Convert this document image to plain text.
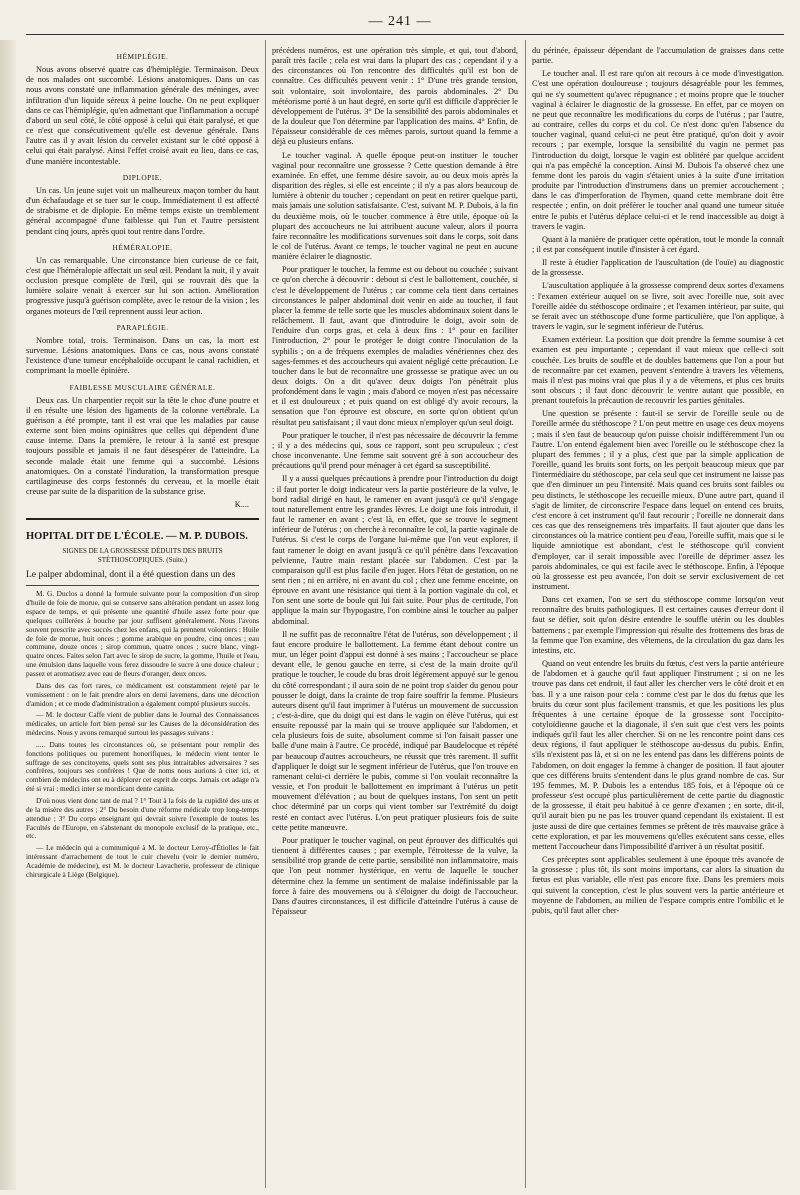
— 241 —
HÉMIPLÉGIE.

Nous avons observé quatre cas d'hémiplégie. Terminaison. Deux de nos malades ont succombé. Lésions anatomiques. Dans un cas nous avons constaté une inflammation générale des méninges, avec infiltration d'un liquide séreux à peine louche. On ne peut expliquer dans ce cas l'hémiplégie, qu'en admettant que l'inflammation a occupé d'abord un seul côté, le côté opposé à celui qui était paralysé, et que ce n'est que consécutivement qu'elle est devenue générale. Dans l'autre cas il y avait lésion du cervelet existant sur le côté opposé à celui qui était paralysé. Ainsi l'effet croisé avait eu lieu, dans ce cas, d'une manière incontestable.

DIPLOPIE.

Un cas. Un jeune sujet voit un malheureux maçon tomber du haut d'un échafaudage et se tuer sur le coup. Immédiatement il est affecté de strabisme et de diplopie. En même temps existe un tremblement général accompagné d'une faiblesse qui l'un et l'autre persistent pendant cinq jours, après quoi tout rentre dans l'ordre.

HÉMÉRALOPIE.

Un cas remarquable. Une circonstance bien curieuse de ce fait, c'est que l'héméralopie affectait un seul œil. Pendant la nuit, il y avait occlusion presque complète de l'œil, qui se rouvrait dès que la lumière solaire venait à exercer sur lui son action. Amélioration progressive jusqu'à guérison complète, avec le retour de la vision ; les organes moteurs de l'œil reprennent aussi leur action.

PARAPLÉGIE.

Nombre total, trois. Terminaison. Dans un cas, la mort est survenue. Lésions anatomiques. Dans ce cas, nous avons constaté l'existence d'une tumeur encéphaloïde occupant le canal rachidien, et comprimant la moelle épinière.

FAIBLESSE MUSCULAIRE GÉNÉRALE.

Deux cas. Un charpentier reçoit sur la tête le choc d'une poutre et il en résulte une lésion des ligaments de la colonne vertébrale. La guérison a été prompte, tant il est vrai que les maladies par cause externe sont bien moins opiniâtres que celles qui dépendent d'une cause interne. Dans la première, le retour à la santé est presque toujours possible et jamais il ne faut désespérer de l'atteindre. La seconde malade était une femme qui a succombé. Lésions anatomiques. On a constaté l'induration, la transformation presque cartilagineuse des corps festonnés du cerveau, et la moelle était creuse par suite de la disparition de la substance grise.

K....
HOPITAL DIT DE L'ÉCOLE. — M. P. DUBOIS.
SIGNES DE LA GROSSESSE DÉDUITS DES BRUITS STÉTHOSCOPIQUES. (Suite.)
Le palper abdominal, dont il a été question dans un des

M. G. Duclos a donné la formule suivante pour la composition d'un sirop d'huile de foie de morue, qui se conserve sans altération pendant un assez long espace de temps, et qui présente une quantité d'huile assez forte pour que quelques cuillerées à bouche par jour suffisent généralement. Nous l'avons souvent prescrite avec succès chez les enfans, qui la prennent volontiers : Huile de foie de morue, huit onces ; gomme arabique en poudre, cinq onces ; eau commune, douze onces ; sirop commun, quatre onces ; sucre blanc, vingt-quatre onces. Faites selon l'art avec le sirop de sucre, la gomme, l'huile et l'eau, une émulsion dans laquelle vous ferez dissoudre le sucre à une douce chaleur ; passez et aromatisez avec eau de fleurs d'oranger, deux onces.

Dans des cas fort rares, ce médicament est constamment rejeté par le vomissement : on le fait prendre alors en demi lavemens, dans une décoction d'amidon ; et ce mode d'administration a également compté plusieurs succès.

— M. le docteur Caffe vient de publier dans le Journal des Connaissances médicales, un article fort bien pensé sur les Causes de la déconsidération des médecins. Nous y avons remarqué surtout les passages suivans :

..... Dans toutes les circonstances où, se présentant pour remplir des fonctions politiques ou purement honorifiques, le médecin vient tenter le suffrage de ses concitoyens, quels sont ses plus intraitables adversaires ? ses confrères, toujours ses confrères ! Que de noms nous aurions à citer ici, et combien de médecins ont eu à déplorer cet esprit de corps. Jamais cet adage n'a été si vrai : medici inter se mordicant dente canina.

D'où nous vient donc tant de mal ? 1° Tout à la fois de la cupidité des uns et de la misère des autres ; 2° Du besoin d'une réforme médicale trop long-temps attendue ; 3° Du corps enseignant qui devrait suivre l'exemple de toutes les Facultés de l'Europe, en s'abstenant du monopole exclusif de la pratique, etc., etc.

— Le médecin qui a communiqué à M. le docteur Leroy-d'Étiolles le fait intéressant d'arrachement de tout le cuir chevelu (voir le dernier numéro, Académie de médecine), est M. le docteur Lavacherie, professeur de clinique chirurgicale à Liège (Belgique).

précédens numéros, est une opération très simple, et qui, tout d'abord, paraît très facile ; cela est vrai dans la plupart des cas ; cependant il y a des circonstances où l'on rencontre des difficultés qu'il est bon de connaître. Ces difficultés peuvent venir : 1° D'une très grande tension, soit volontaire, soit involontaire, des parois abdominales. 2° Du météorisme porté à un haut degré, en sorte qu'il est difficile d'apprécier le développement de l'utérus. 3° De la sensibilité des parois abdominales et de la douleur que l'on détermine par l'application des mains. 4° Enfin, de l'épaisseur considérable de ces mêmes parois, surtout quand la femme a déjà eu plusieurs enfans.

Le toucher vaginal. A quelle époque peut-on instituer le toucher vaginal pour reconnaître une grossesse ? Cette question demande à être examinée. En effet, une femme désire savoir, au ou deux mois après la disparition des règles, si elle est enceinte ; il n'y a pas alors beaucoup de lumière à obtenir du toucher ; cependant on peut en retirer quelque parti, mais jamais une solution satisfaisante. C'est, suivant M. P. Dubois, à la fin du deuxième mois, où le toucher commence à être utile, époque où la plupart des accoucheurs ne lui attribuent aucune valeur, alors il pourra faire reconnaître les modifications survenues soit dans le corps, soit dans le col de l'utérus. Avant ce temps, le toucher vaginal ne peut en aucune manière éclairer le diagnostic.

Pour pratiquer le toucher, la femme est ou debout ou couchée ; suivant ce qu'on cherche à découvrir : debout si c'est le ballottement, couchée, si c'est le développement de l'utérus ; car comme cela tient dans certaines circonstances le palper abdominal doit venir en aide au toucher, il faut placer la femme de telle sorte que les muscles abdominaux soient dans le relâchement. Il faut, avant que d'introduire le doigt, avoir soin de l'enduire d'un corps gras, et cela à deux fins : 1° pour en faciliter l'introduction, 2° pour le protéger le doigt contre l'inoculation de la syphilis ; on a de fréquens exemples de maladies vénériennes chez des sages-femmes et des accoucheurs qui avaient négligé cette précaution. Le toucher dans le but de reconnaître une grossesse se pratique avec un ou deux doigts. On a dit qu'avec deux doigts l'on pénétrait plus profondément dans le vagin ; mais d'abord ce moyen n'est pas nécessaire et il est douloureux ; et puis quand on est obligé d'y avoir recours, la sensation que l'on éprouve est obscure, en sorte qu'on obtient qu'un résultat peu satisfaisant ; il vaut donc mieux n'employer qu'un seul doigt.

Pour pratiquer le toucher, il n'est pas nécessaire de découvrir la femme ; il y a des médecins qui, sous ce rapport, sont peu scrupuleux ; c'est chose inconvenante. Une femme sait souvent gré à son accoucheur des précautions qu'il prend pour ménager à cet égard sa susceptibilité.

Il y a aussi quelques précautions à prendre pour l'introduction du doigt : il faut porter le doigt indicateur vers la partie postérieure de la vulve, le bord radial dirigé en haut, le ramener en avant jusqu'à ce qu'il s'engage tout naturellement entre les grandes lèvres. Le doigt une fois introduit, il faut le ramener en avant ; c'est là, en effet, que se trouve le segment inférieur de l'utérus ; on cherche à reconnaître le col, la partie vaginale de l'utérus. Si c'est le corps de l'organe lui-même que l'on veut explorer, il faut ramener le doigt en avant jusqu'à ce qu'il pénètre dans l'excavation pelvienne, l'autre main restant placée sur l'abdomen. C'est par la comparaison qu'il est plus facile d'en juger. Hors l'état de gestation, on ne sent rien ; ni en arrière, ni en avant du col ; chez une femme enceinte, on éprouve en avant une résistance qui tient à la portion vaginale du col, et l'on sent une sorte de boule qui lui fait suite. Pour plus de certitude, l'on applique la main sur l'hypogastre, l'on combine ainsi le toucher au palper abdominal.

Il ne suffit pas de reconnaître l'état de l'utérus, son développement ; il faut encore produire le ballottement. La femme étant debout contre un mur, un léger point d'appui est donné à ses mains ; l'accoucheur se place devant elle, le genou gauche en terre, si c'est de la main droite qu'il pratique le toucher, le coude du bras droit légèrement appuyé sur le genou du côté correspondant ; il aura soin de ne point trop s'aider du genou pour pousser le doigt, dans la crainte de trop faire souffrir la femme. Plusieurs auteurs disent qu'il faut imprimer à l'utérus un mouvement de succussion ; c'est-à-dire, que du doigt qui est dans le vagin on élève l'utérus, qui est ensuite repoussé par la main qui se trouve appliquée sur l'abdomen, et cela plusieurs fois de suite, absolument comme si l'on faisait passer une balle d'une main à l'autre. Ce procédé, indiqué par Baudelocque et répété par beaucoup d'autres accoucheurs, ne réussit que très rarement. Il suffit d'appliquer le doigt sur le segment inférieur de l'utérus, que l'on trouve en ramenant celui-ci derrière le pubis, comme si l'on voulait reconnaître la vessie, et l'on produit le ballottement en imprimant à l'utérus un petit mouvement d'élévation ; au bout de quelques instans, l'on sent un petit choc déterminé par un corps qui vient tomber sur l'extrémité du doigt resté en contact avec l'utérus. L'on peut pratiquer plusieurs fois de suite cette petite manœuvre.

Pour pratiquer le toucher vaginal, on peut éprouver des difficultés qui tiennent à différentes causes ; par exemple, l'étroitesse de la vulve, la sensibilité trop grande de cette partie, sensibilité non inflammatoire, mais que l'on peut nommer hystérique, en vertu de laquelle le toucher détermine chez la femme un sentiment de malaise indéfinissable par la force à faire des mouvemens ou à s'éloigner du doigt de l'accoucheur. Dans d'autres circonstances, il est difficile d'atteindre l'utérus à cause de l'épaisseur

du périnée, épaisseur dépendant de l'accumulation de graisses dans cette partie.

Le toucher anal. Il est rare qu'on ait recours à ce mode d'investigation. C'est une opération douloureuse ; toujours désagréable pour les femmes, qui ne s'y soumettent qu'avec répugnance ; et moins propre que le toucher vaginal à éclairer le diagnostic de la grossesse. En effet, par ce moyen on ne peut que reconnaître les modifications du corps de l'utérus ; par l'autre, au contraire, celles du corps et du col. Ce n'est donc qu'en l'absence du toucher vaginal, quand celui-ci ne peut être pratiqué, qu'on doit y avoir recours ; par exemple, lorsque la sensibilité du vagin ne permet pas l'introduction du doigt, lorsque le vagin est oblitéré par quelque accident qui n'a pas empêché la conception. Ainsi M. Dubois l'a observé chez une femme dont les parois du vagin s'étaient unies à la suite d'une irritation produite par l'introduction d'instrumens dans un premier accouchement ; dans le cas d'imperforation de l'hymen, quand cette membrane doit être respectée ; enfin, on doit préférer le toucher anal quand une tumeur située entre le pubis et l'utérus déplace celui-ci et le rend inaccessible au doigt à travers le vagin.

Quant à la manière de pratiquer cette opération, tout le monde la connaît ; il est par conséquent inutile d'insister à cet égard.

Il reste à étudier l'application de l'auscultation (de l'ouïe) au diagnostic de la grossesse.

L'auscultation appliquée à la grossesse comprend deux sortes d'examens : l'examen extérieur auquel on se livre, soit avec l'oreille nue, soit avec l'oreille aidée du stéthoscope ordinaire ; et l'examen intérieur, par suite, qui se ferait avec un stéthoscope d'une forme particulière, que l'on applique, à travers le vagin, sur le segment inférieur de l'utérus.

Examen extérieur. La position que doit prendre la femme soumise à cet examen est peu importante ; cependant il vaut mieux que celle-ci soit couchée. Les bruits de souffle et de doubles battemens que l'on a pour but de reconnaître par cet examen, peuvent s'entendre à travers les vêtemens, mais il n'est pas moins vrai que plus il y a de vêtemens, et plus ces bruits sont obscurs ; il faut donc découvrir le ventre autant que possible, en prenant toutefois la précaution de recouvrir les parties génitales.

Une question se présente : faut-il se servir de l'oreille seule ou de l'oreille armée du stéthoscope ? L'on peut mettre en usage ces deux moyens ; mais il s'en faut de beaucoup qu'on puisse choisir indifféremment l'un ou l'autre. L'on entend également bien avec l'oreille ou le stéthoscope chez la plupart des femmes ; il y a plus, c'est que par la simple application de l'oreille, quand les bruits sont forts, on les perçoit beaucoup mieux que par l'intermédiaire du stéthoscope, par cela seul que cet instrument ne laisse pas que d'en diminuer un peu l'intensité. Mais quand ces bruits sont faibles ou peu distincts, le stéthoscope les recueille mieux. D'une autre part, quand il s'agit de limiter, de circonscrire l'espace dans lequel on entend ces bruits, c'est encore à cet instrument qu'il faut recourir ; l'oreille ne donnerait dans ces cas que des renseignemens très imparfaits. Il faut ajouter que dans les circonstances où la matrice contient peu d'eau, l'oreille suffit, mais que si le liquide amniotique est abondant, c'est le stéthoscope qu'il convient d'employer, car il serait impossible avec l'oreille de déprimer assez les parois abdominales, ce qui est facile avec le stéthoscope. Enfin, à l'époque où la grossesse est peu avancée, l'on doit se servir exclusivement de cet instrument.

Dans cet examen, l'on se sert du stéthoscope comme lorsqu'on veut reconnaître des bruits pathologiques. Il est certaines causes d'erreur dont il faut se défier, soit qu'on désire entendre le souffle utérin ou les doubles battemens ; par exemple l'impression qui résulte des frottemens des bras de la femme que l'on examine, des vêtemens, de la circulation du gaz dans les intestins, etc.

Quand on veut entendre les bruits du fœtus, c'est vers la partie antérieure de l'abdomen et à gauche qu'il faut appliquer l'instrument ; si on ne les trouve pas dans cet endroit, il faut aller les chercher vers le côté droit et en bas. Il y a une raison pour cela : comme c'est par le dos du fœtus que les bruits du cœur sont plus facilement transmis, et que les positions les plus fréquentes à une certaine époque de la grossesse sont l'occipito-cotyloïdienne gauche et la diagonale, il s'en suit que c'est vers les points indiqués qu'il faut les aller chercher. Si on ne les rencontre point dans ces deux régions, il faut appliquer le stéthoscope au-dessus du pubis. Enfin, s'ils n'existent pas là, et si on ne les entend pas dans les différens points de l'abdomen, on doit engager la femme à changer de position. Il faut ajouter que ces différens bruits s'entendent dans le plus grand nombre de cas. Sur 195 femmes, M. P. Dubois les a entendus 185 fois, et à l'époque où ce professeur s'est occupé plus particulièrement de cette partie du diagnostic de la grossesse, il était peu habitué à ce genre d'examen ; en sorte, dit-il, qu'il aurait bien pu ne pas les trouver quand cependant ils existaient. Il est juste aussi de dire que certaines femmes se prêtent de très mauvaise grâce à cette exploration, et par les mouvemens qu'elles exécutent sans cesse, elles mettent l'accoucheur dans l'impossibilité d'arriver à un résultat positif.

Ces préceptes sont applicables seulement à une époque très avancée de la grossesse ; plus tôt, ils sont moins importans, car alors la situation du fœtus est plus variable, elle n'est pas encore fixe. Dans les premiers mois qui suivent la conception, c'est le plus souvent vers la partie antérieure et moyenne de l'abdomen, au milieu de l'espace compris entre l'ombilic et le pubis, qu'il faut aller cher-
